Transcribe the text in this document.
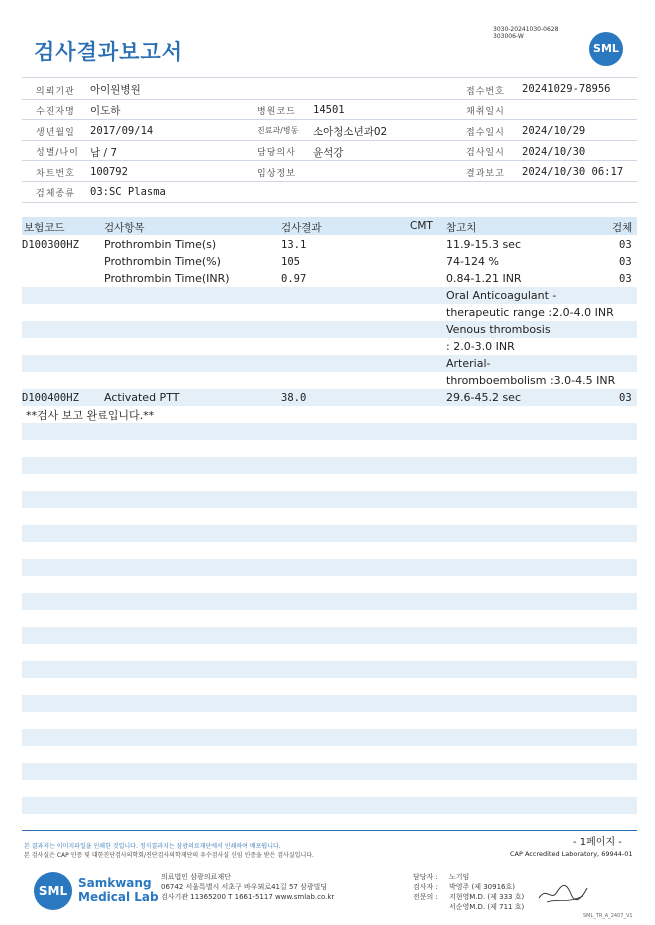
검사결과보고서
3030-20241030-0628
303006-W
SML
의뢰기관 아이원병원	접수번호 20241029-78956
수진자명 이도하	병원코드 14501	채취일시
생년월일 2017/09/14	진료과/병동 소아청소년과02	접수일시 2024/10/29
성별/나이 남 / 7	담당의사 윤석강	검사일시 2024/10/30
차트번호 100792	임상정보	결과보고 2024/10/30 06:17
검체종류 03:SC Plasma
보험코드	검사항목	검사결과	CMT 참고치	검체
D100300HZ Prothrombin Time(s)	13.1	11.9-15.3 sec	03
Prothrombin Time(%)	105	74-124 %	03
Prothrombin Time(INR)	0.97	0.84-1.21 INR	03
Oral Anticoagulant -
therapeutic range :2.0-4.0 INR
Venous thrombosis
: 2.0-3.0 INR
Arterial-
thromboembolism :3.0-4.5 INR
D100400HZ Activated PTT	38.0	29.6-45.2 sec	03
**검사 보고 완료입니다.**
- 1페이지 -
본 결과지는 이미지파일을 인쇄한 것입니다. 정식결과지는 삼광의료재단에서 인쇄하여 배포됩니다.
본 검사실은 CAP 인증 및 대한진단검사의학회/진단검사의학재단의 우수검사실 신임 인증을 받은 검사실입니다.	CAP Accredited Laboratory, 69944-01
SML
Samkwang
Medical Lab
의료법인 삼광의료재단
06742 서울특별시 서초구 바우뫼로41길 57 삼광빌딩
검사기관 11365200 T 1661-5117 www.smlab.co.kr
담당자 :
검사자 :
전문의 :
노기임
박영주 (제 30916호)
지현영M.D. (제 333 호)
서순영M.D. (제 711 호)
SML_TR_A_2407_V1
